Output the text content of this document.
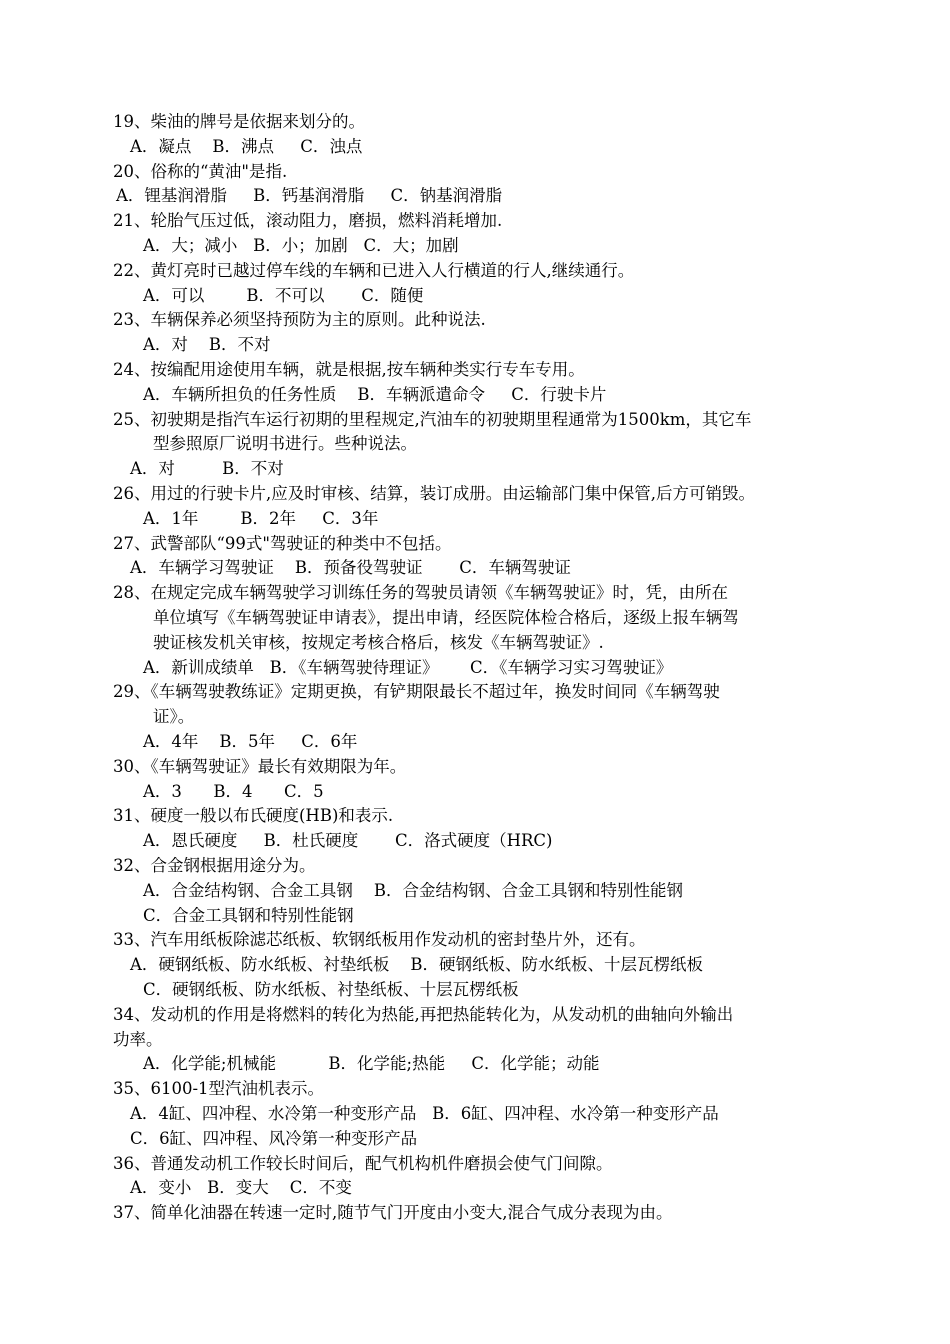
19、柴油的牌号是依据来划分的。
A．凝点    B．沸点     C．浊点
20、俗称的“黄油"是指.
A．锂基润滑脂     B．钙基润滑脂     C．钠基润滑脂
21、轮胎气压过低，滚动阻力，磨损，燃料消耗增加.
A．大；减小   B．小；加剧   C．大；加剧
22、黄灯亮时已越过停车线的车辆和已进入人行横道的行人,继续通行。
A．可以        B．不可以       C．随便
23、车辆保养必须坚持预防为主的原则。此种说法.
A．对    B．不对
24、按编配用途使用车辆，就是根据,按车辆种类实行专车专用。
A．车辆所担负的任务性质    B．车辆派遣命令     C．行驶卡片
25、初驶期是指汽车运行初期的里程规定,汽油车的初驶期里程通常为1500km，其它车
型参照原厂说明书进行。些种说法。
A．对         B．不对
26、用过的行驶卡片,应及时审核、结算，装订成册。由运输部门集中保管,后方可销毁。
A．1年        B．2年     C．3年
27、武警部队“99式"驾驶证的种类中不包括。
A．车辆学习驾驶证    B．预备役驾驶证       C．车辆驾驶证
28、在规定完成车辆驾驶学习训练任务的驾驶员请领《车辆驾驶证》时，凭，由所在
单位填写《车辆驾驶证申请表》，提出申请，经医院体检合格后，逐级上报车辆驾
驶证核发机关审核，按规定考核合格后，核发《车辆驾驶证》.
A．新训成绩单   B．《车辆驾驶待理证》      C．《车辆学习实习驾驶证》
29、《车辆驾驶教练证》定期更换，有铲期限最长不超过年，换发时间同《车辆驾驶
证》。
A．4年    B．5年     C．6年
30、《车辆驾驶证》最长有效期限为年。
A．3      B．4      C．5
31、硬度一般以布氏硬度(HB)和表示.
A．恩氏硬度     B．杜氏硬度       C．洛式硬度（HRC)
32、合金钢根据用途分为。
A．合金结构钢、合金工具钢    B．合金结构钢、合金工具钢和特别性能钢
C．合金工具钢和特别性能钢
33、汽车用纸板除滤芯纸板、软钢纸板用作发动机的密封垫片外，还有。
A．硬钢纸板、防水纸板、衬垫纸板    B．硬钢纸板、防水纸板、十层瓦楞纸板
C．硬钢纸板、防水纸板、衬垫纸板、十层瓦楞纸板
34、发动机的作用是将燃料的转化为热能,再把热能转化为，从发动机的曲轴向外输出
功率。
A．化学能;机械能          B．化学能;热能     C．化学能；动能
35、6100-1型汽油机表示。
A．4缸、四冲程、水冷第一种变形产品   B．6缸、四冲程、水冷第一种变形产品
C．6缸、四冲程、风冷第一种变形产品
36、普通发动机工作较长时间后，配气机构机件磨损会使气门间隙。
A．变小   B．变大    C．不变
37、简单化油器在转速一定时,随节气门开度由小变大,混合气成分表现为由。
